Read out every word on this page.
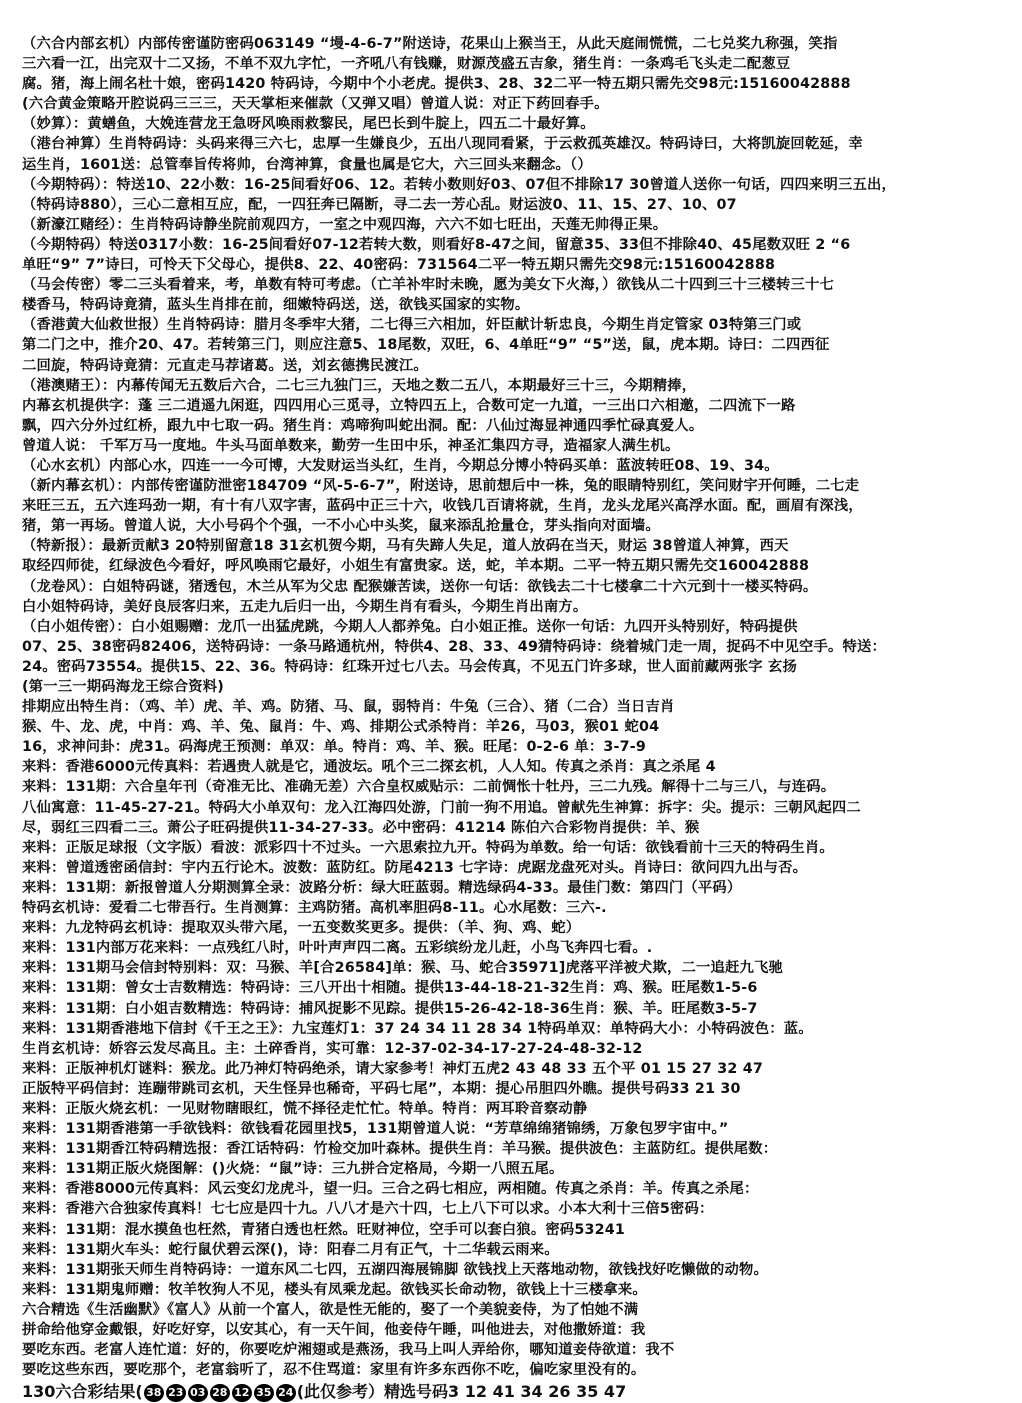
（六合内部玄机）内部传密谨防密码063149 “墁-4-6-7”附送诗，花果山上猴当王，从此天庭闹慌慌，二七兑奖九称强，笑指
三六看一江，出完双十二又扬，不单不双九字忙，一齐吼八有钱赚，财源茂盛五吉象，猪生肖：一条鸡毛飞头走二配葱豆
腐。猪，海上闹名杜十娘，密码1420 特码诗，今期中个小老虎。提供3、28、32二平一特五期只需先交98元:15160042888
(六合黄金策略开腔说码三三三，天天掌柜来催款（又弹又唱）曾道人说：对正下药回春手。
（妙算）：黄蟮鱼，大娩连营龙王急呀风唤雨救黎民，尾巴长到牛腚上，四五二十最好算。
（港台神算）生肖特码诗：头码来得三六七，忠厚一生嫌良少，五出八现同看紧，于云救孤英雄汉。特码诗曰，大将凯旋回乾延，幸
运生肖，1601送：总管奉旨传将帅，台湾神算，食量也属是它大，六三回头来翻念。（）
（今期特码）：特送10、22小数：16-25间看好06、12。若转小数则好03、07但不排除17 30曾道人送你一句话，四四来明三五出，
（特码诗880），三心二意相互应，配，一四狂奔已隔断，寻二去一芳心乱。财运波0、11、15、27、10、07
（新濠江赌经）：生肖特码诗静坐院前观四方，一室之中观四海，六六不如七旺出，天莲无帅得正果。
（今期特码）特送0317小数：16-25间看好07-12若转大数，则看好8-47之间，留意35、33但不排除40、45尾数双旺 2 “6
单旺“9” 7”诗曰，可怜天下父母心，提供8、22、40密码：731564二平一特五期只需先交98元:15160042888
（马会传密）零二三头看着来，考，单数有特可考虑。（亡羊补牢时未晚，愿为美女下火海，）欲钱从二十四到三十三楼转三十七
楼香马，特码诗竟猜，蓝头生肖排在前，细嫩特码送，送，欲钱买国家的实物。
（香港黄大仙救世报）生肖特码诗：腊月冬季牢大猪，二七得三六相加，奸臣献计斩忠良，今期生肖定管家 03特第三门或
第二门之中，推介20、47。若转第三门，则应注意5、18尾数，双旺，6、4单旺“9” “5”送，鼠，虎本期。诗曰：二四西征
二回旋，特码诗竟猜：元直走马荐诸葛。送，刘玄德携民渡江。
（港澳赌王）：内幕传闻无五数后六合，二七三九独门三，天地之数二五八，本期最好三十三，今期精捧，
内幕玄机提供字：蓬 三二逍遥九闲逛，四四用心三觅寻，立特四五上，合数可定一九道，一三出口六相邀，二四流下一路
飘，四六分外过红桥，跟九中七取一码。猪生肖：鸡啼狗叫蛇出洞。配：八仙过海显神通四季忙碌真爱人。
曾道人说： 千军万马一度地。牛头马面单数来，勤劳一生田中乐，神圣汇集四方寻，造福家人满生机。
（心水玄机）内部心水，四连一一今可博，大发财运当头红，生肖，今期总分博小特码买单：蓝波转旺08、19、34。
（新内幕玄机）：内部传密谨防泄密184709 “风-5-6-7”，附送诗，思前想后中一株，兔的眼睛特别红，笑问财宇开何睡，二七走
来旺三五，五六连玛劲一期，有十有八双字害，蓝码中正三十六，收钱几百请将就，生肖，龙头龙尾兴高浮水面。配，画眉有深浅，
猪，第一再场。曾道人说，大小号码个个强，一不小心中头奖，鼠来添乱抢量仓，芽头指向对面墙。
（特新报）：最新贡献3 20特别留意18 31玄机贺今期，马有失蹄人失足，道人放码在当天，财运 38曾道人神算，西天
取经四师徒，红绿波色今看好，呼风唤雨它最好，小姐生有富贵家。送，蛇，羊本期。二平一特五期只需先交160042888
（龙卷风）：白姐特码谜，猪透包，木兰从军为父忠 配猴嫌苦读，送你一句话：欲钱去二十七楼拿二十六元到十一楼买特码。
白小姐特码诗，美好良辰客归来，五走九后归一出，今期生肖有看头，今期生肖出南方。
（白小姐传密）：白小姐赐赠：龙爪一出猛虎跳，今期人人都养兔。白小姐正推。送你一句话：九四开头特别好，特码提供
07、25、38密码82406，送特码诗：一条马路通杭州，特供4、28、33、49猜特码诗：绕着城门走一周，捉码不中见空手。特送：
24。密码73554。提供15、22、36。特码诗：红珠开过七八去。马会传真，不见五门许多球，世人面前藏两张字 玄扬
(第一三一期码海龙王综合资料)
排期应出特生肖：（鸡、羊）虎、羊、鸡。防猪、马、鼠，弱特肖：牛兔（三合）、猪（二合）当日吉肖
猴、牛、龙、虎，中肖：鸡、羊、兔、鼠肖：牛、鸡、排期公式杀特肖：羊26，马03，猴01 蛇04
16，求神问卦：虎31。码海虎王预测：单双：单。特肖：鸡、羊、猴。旺尾：0-2-6 单：3-7-9
来料：香港6000元传真料：若遇贵人就是它，通波坛。吼个三二探玄机，人人知。传真之杀肖：真之杀尾 4
来料：131期：六合皇年刊（奇准无比、准确无差）六合皇权威贴示：二前惆怅十牡丹，三二九残。解得十二与三八，与连码。
八仙寓意：11-45-27-21。特码大小单双句：龙入江海四处游，门前一狗不用追。曾献先生神算：拆字：尖。提示：三朝风起四二
尽，弱红三四看二三。萧公子旺码提供11-34-27-33。必中密码：41214 陈伯六合彩物肖提供：羊、猴
来料：正版足球报（文字版）看波：派彩四十不过头。一六思索拉九开。特码为单数。给一句话：欲钱看前十三天的特码生肖。
来料：曾道透密函信封：宇内五行论木。波数：蓝防红。防尾4213 七字诗：虎踞龙盘死对头。肖诗曰：欲问四九出与否。
来料：131期：新报曾道人分期测算全录：波路分析：绿大旺蓝弱。精选绿码4-33。最佳门数：第四门（平码）
特码玄机诗：爱看二七带吾行。生肖测算：主鸡防猪。高机率胆码8-11。心水尾数：三六-.
来料：九龙特码玄机诗：提取双头带六尾，一五变数奖更多。提供：（羊、狗、鸡、蛇）
来料：131内部万花来料：一点残红八时，叶叶声声四二离。五彩缤纷龙儿赶，小鸟飞奔四七看。.
来料：131期马会信封特别料：双：马猴、羊[合26584]单：猴、马、蛇合35971]虎落平洋被犬欺，二一追赶九飞驰
来料：131期：曾女士吉数精选：特码诗：三八开出十相随。提供13-44-18-21-32生肖：鸡、猴。旺尾数1-5-6
来料：131期：白小姐吉数精选：特码诗：捕风捉影不见踪。提供15-26-42-18-36生肖：猴、羊。旺尾数3-5-7
来料：131期香港地下信封《千王之王》：九宝莲灯1：37 24 34 11 28 34 1特码单双：单特码大小：小特码波色：蓝。
生肖玄机诗：娇容云发尽高且。主：土碎香肖，实可靠：12-37-02-34-17-27-24-48-32-12
来料：正版神机灯谜料：猴龙。此乃神灯特码绝杀，请大家参考！神灯五虎2 43 48 33 五个平 01 15 27 32 47
正版特平码信封：连蹦带跳司玄机，天生怪异也稀奇，平码七尾”，本期：提心吊胆四外瞧。提供号码33 21 30
来料：正版火烧玄机：一见财物瞎眼红，慌不择径走忙忙。特单。特肖：两耳聆音察动静
来料：131期香港第一手欲钱料：欲钱看花园里找5，131期曾道人说：“芳草绵绵猪锦绣，万象包罗宇宙中。”
来料：131期香江特码精选报：香江话特码：竹检交加叶森林。提供生肖：羊马猴。提供波色：主蓝防红。提供尾数：
来料：131期正版火烧图解：()火烧：“鼠”诗：三九拼合定格局，今期一八照五尾。
来料：香港8000元传真料：风云变幻龙虎斗，望一归。三合之码七相应，两相随。传真之杀肖：羊。传真之杀尾：
来料：香港六合独家传真料！七七应是四十九。八八才是六十四，七上八下可以求。小本大利十三倍5密码：
来料：131期：混水摸鱼也枉然，青猪白透也枉然。旺财神位，空手可以套白狼。密码53241
来料：131期火车头：蛇行鼠伏碧云深()，诗：阳春二月有正气，十二华载云雨来。
来料：131期张天师生肖特码诗：一道东风二七四，五湖四海展锦脚 欲钱找上天落地动物，欲钱找好吃懒做的动物。
来料：131期鬼师赠：牧羊牧狗人不见，楼头有凤乘龙起。欲钱买长命动物，欲钱上十三楼拿来。
六合精选《生活幽默》《富人》从前一个富人，欲是性无能的，娶了一个美貌妾侍，为了怕她不满
拼命给他穿金戴银，好吃好穿，以安其心，有一天午间，他妾侍午睡，叫他进去，对他撒娇道：我
要吃东西。老富人连忙道：好的，你要吃炉湘翅或是燕汤，我马上叫人弄给你，哪知道妾侍欲道：我不
要吃这些东西，要吃那个，老富翁听了，忍不住骂道：家里有许多东西你不吃，偏吃家里没有的。
130六合彩结果( 38 23 03 28 12 35 24 (此仅参考）精选号码3 12 41 34 26 35 47
